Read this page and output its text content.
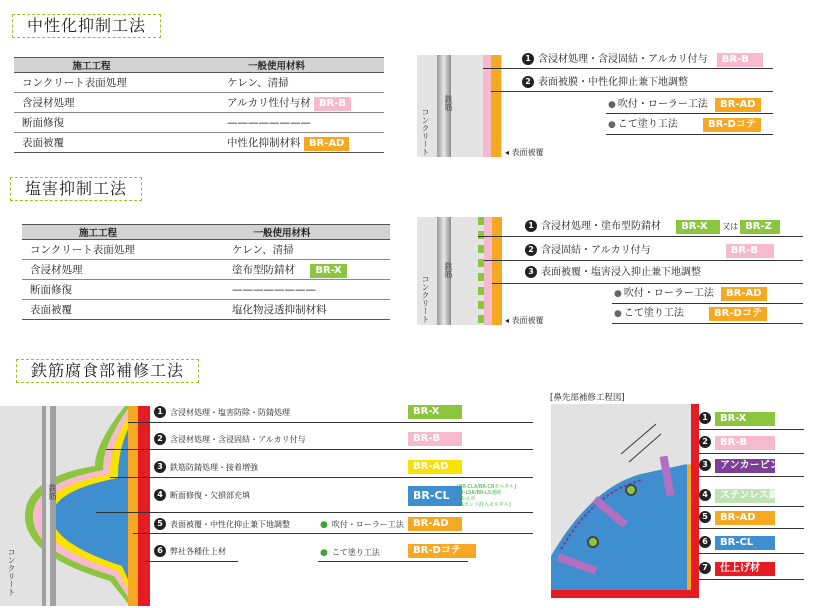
中性化抑制工法
施工工程	一般使用材料
コンクリート表面処理	ケレン、清掃
含浸材処理	アルカリ性付与材 BR-B
断面修復	————————
表面被覆	中性化抑制材料 BR-AD
鉄筋
コンクリート	◂ 表面被覆
1 含浸材処理・含浸固結・アルカリ付与 BR-B
2 表面被膜・中性化抑止兼下地調整
● 吹付・ローラー工法 BR-AD
● こて塗り工法	BR-Dコテ
塩害抑制工法
施工工程	一般使用材料
コンクリート表面処理	ケレン、清掃
含浸材処理	塗布型防錆材 BR-X
断面修復	————————
表面被覆	塩化物浸透抑制材料
鉄筋
コンクリート	◂ 表面被覆
1 含浸材処理・塗布型防錆材 BR-X 又は BR-Z
2 含浸固結・アルカリ付与	BR-B
3 表面被覆・塩害浸入抑止兼下地調整
● 吹付・ローラー工法 BR-AD
● こて塗り工法	BR-Dコテ
鉄筋腐食部補修工法
鉄筋
コンクリート
1 含浸材処理・塩害防除・防錆処理	BR-X
2 含浸材処理・含浸固結・アルカリ付与	BR-B
3 鉄筋防錆処理・接着増強	BR-AD
4 断面修復・欠損部充填	BR-CL
[BR-CLA/BR-CBモルタル]
BR-LSR/BR-LS速硬
BR-エポ
BRボンド混入モルタル]
5 表面被覆・中性化抑止兼下地調整	● 吹付・ローラー工法 BR-AD
6 弊社各種仕上材	● こて塗り工法	BR-Dコテ
[鼻先部補修工程図]
1 BR-X
2 BR-B
3 アンカーピン
4 ステンレス網
5 BR-AD
6 BR-CL
7 仕上げ材
